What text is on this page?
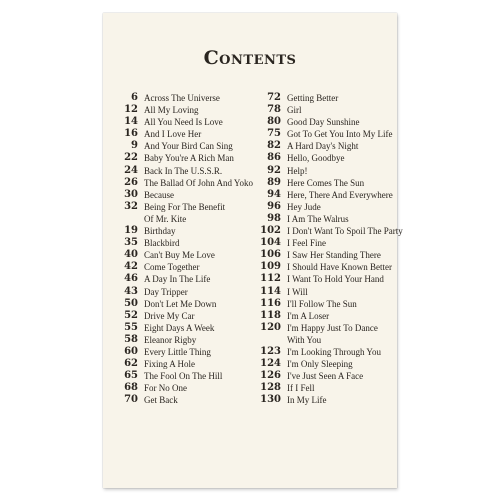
Contents
6 Across The Universe
12 All My Loving
14 All You Need Is Love
16 And I Love Her
9 And Your Bird Can Sing
22 Baby You're A Rich Man
24 Back In The U.S.S.R.
26 The Ballad Of John And Yoko
30 Because
32 Being For The Benefit
Of Mr. Kite
19 Birthday
35 Blackbird
40 Can't Buy Me Love
42 Come Together
46 A Day In The Life
43 Day Tripper
50 Don't Let Me Down
52 Drive My Car
55 Eight Days A Week
58 Eleanor Rigby
60 Every Little Thing
62 Fixing A Hole
65 The Fool On The Hill
68 For No One
70 Get Back
72 Getting Better
78 Girl
80 Good Day Sunshine
75 Got To Get You Into My Life
82 A Hard Day's Night
86 Hello, Goodbye
92 Help!
89 Here Comes The Sun
94 Here, There And Everywhere
96 Hey Jude
98 I Am The Walrus
102 I Don't Want To Spoil The Party
104 I Feel Fine
106 I Saw Her Standing There
109 I Should Have Known Better
112 I Want To Hold Your Hand
114 I Will
116 I'll Follow The Sun
118 I'm A Loser
120 I'm Happy Just To Dance
With You
123 I'm Looking Through You
124 I'm Only Sleeping
126 I've Just Seen A Face
128 If I Fell
130 In My Life
